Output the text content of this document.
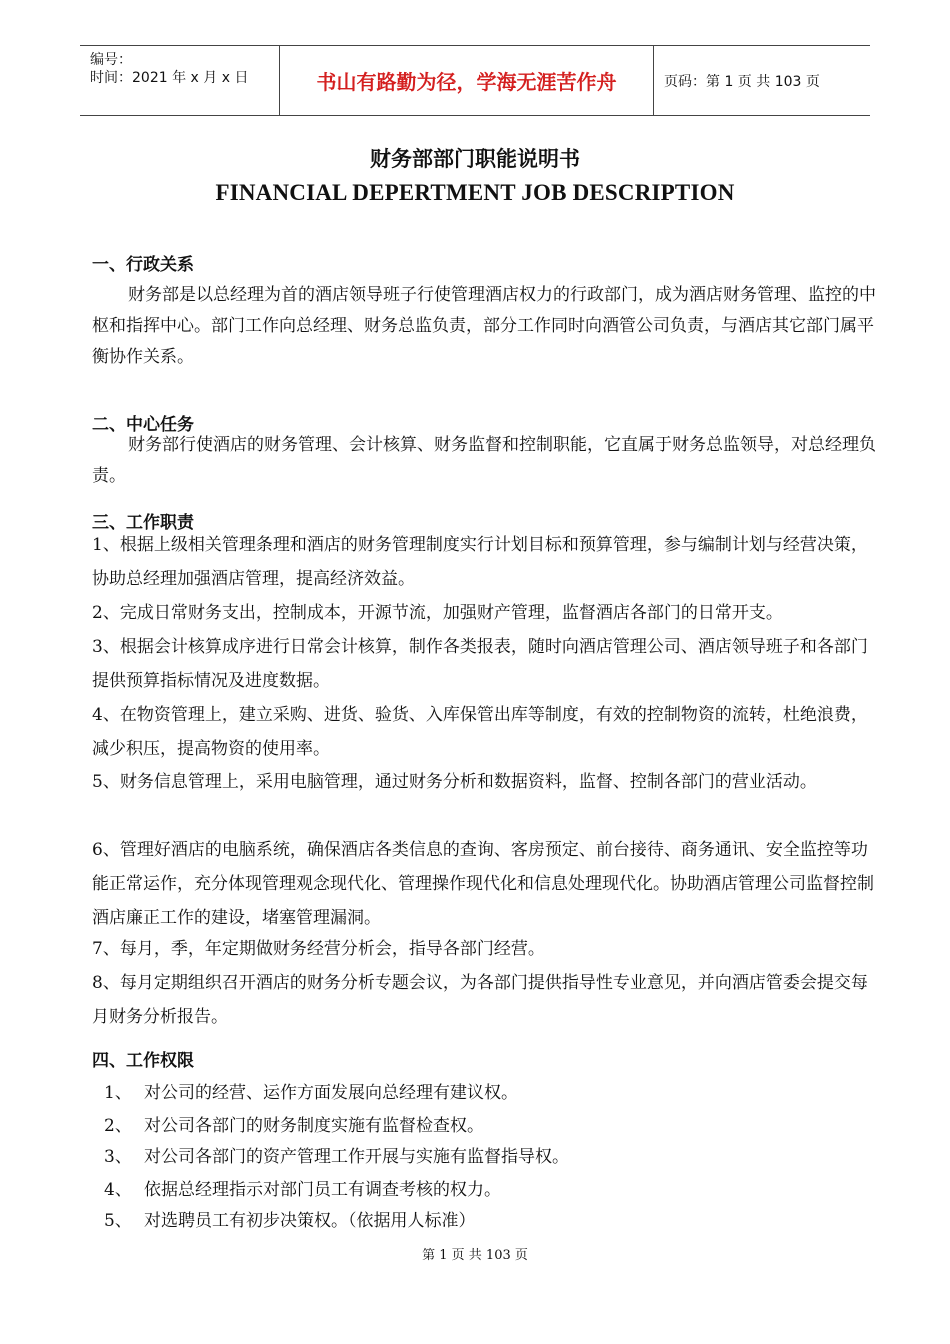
编号：
时间：2021 年 x 月 x 日	书山有路勤为径，学海无涯苦作舟	页码：第 1 页 共 103 页
财务部部门职能说明书
FINANCIAL DEPERTMENT JOB DESCRIPTION
一、行政关系

财务部是以总经理为首的酒店领导班子行使管理酒店权力的行政部门，成为酒店财务管理、监控的中枢和指挥中心。部门工作向总经理、财务总监负责，部分工作同时向酒管公司负责，与酒店其它部门属平衡协作关系。

二、中心任务

财务部行使酒店的财务管理、会计核算、财务监督和控制职能，它直属于财务总监领导，对总经理负责。

三、工作职责

1、根据上级相关管理条理和酒店的财务管理制度实行计划目标和预算管理，参与编制计划与经营决策，协助总经理加强酒店管理，提高经济效益。

2、完成日常财务支出，控制成本，开源节流，加强财产管理，监督酒店各部门的日常开支。

3、根据会计核算成序进行日常会计核算，制作各类报表，随时向酒店管理公司、酒店领导班子和各部门提供预算指标情况及进度数据。

4、在物资管理上，建立采购、进货、验货、入库保管出库等制度，有效的控制物资的流转，杜绝浪费，减少积压，提高物资的使用率。

5、财务信息管理上，采用电脑管理，通过财务分析和数据资料，监督、控制各部门的营业活动。

6、管理好酒店的电脑系统，确保酒店各类信息的查询、客房预定、前台接待、商务通讯、安全监控等功能正常运作，充分体现管理观念现代化、管理操作现代化和信息处理现代化。协助酒店管理公司监督控制酒店廉正工作的建设，堵塞管理漏洞。

7、每月，季，年定期做财务经营分析会，指导各部门经营。

8、每月定期组织召开酒店的财务分析专题会议，为各部门提供指导性专业意见，并向酒店管委会提交每月财务分析报告。

四、工作权限
1、 对公司的经营、运作方面发展向总经理有建议权。
2、 对公司各部门的财务制度实施有监督检查权。
3、 对公司各部门的资产管理工作开展与实施有监督指导权。
4、 依据总经理指示对部门员工有调查考核的权力。
5、 对选聘员工有初步决策权。（依据用人标准）
第 1 页 共 103 页
